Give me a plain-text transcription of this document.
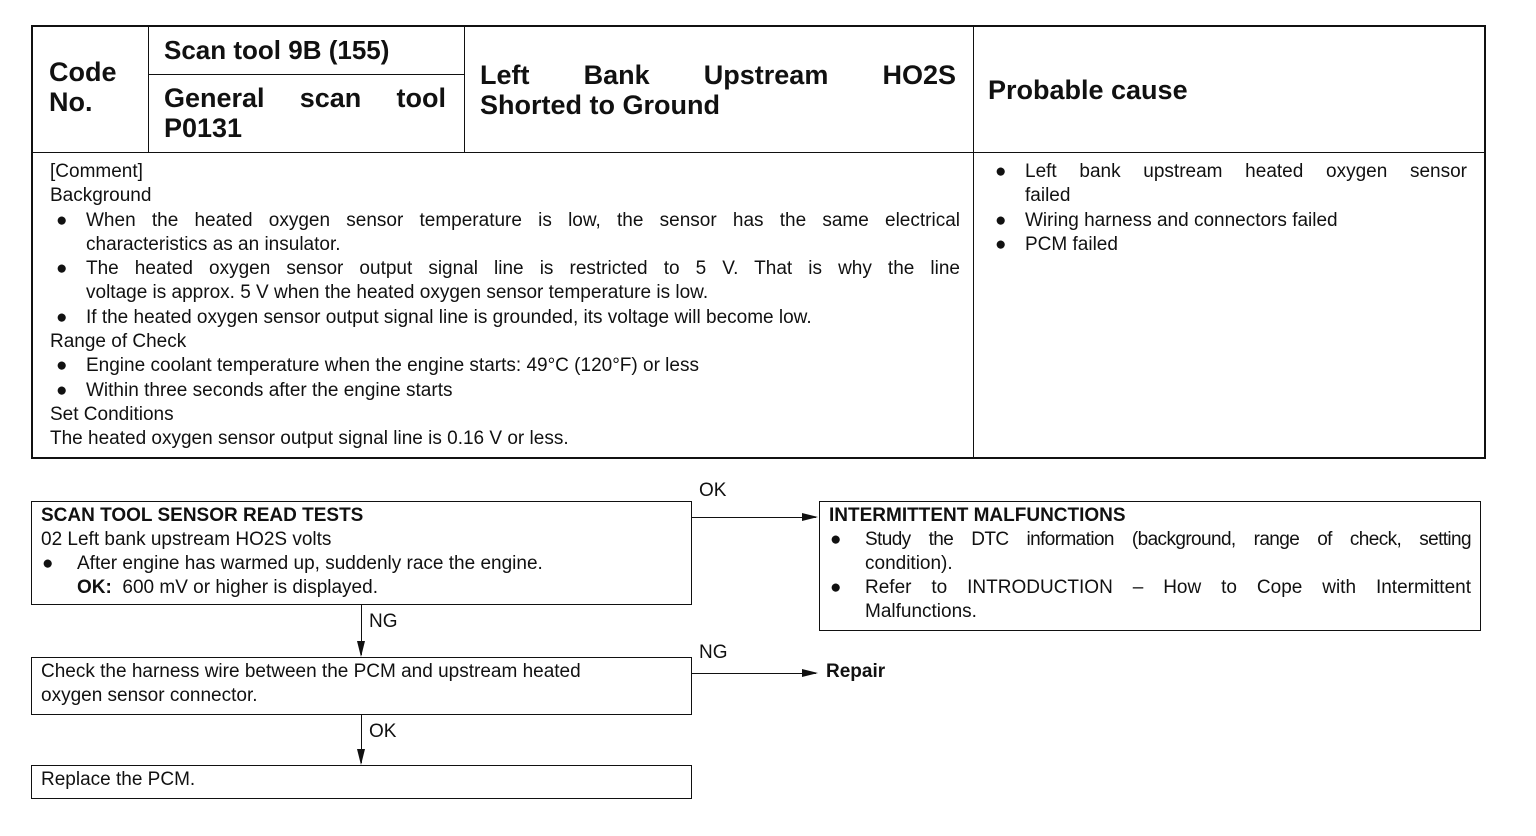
Code No.
Scan tool 9B (155)
General scan tool
P0131
Left Bank Upstream HO2S
Shorted to Ground	Probable cause
[Comment]
Background
● When the heated oxygen sensor temperature is low, the sensor has the same electrical
characteristics as an insulator.
● The heated oxygen sensor output signal line is restricted to 5 V. That is why the line
voltage is approx. 5 V when the heated oxygen sensor temperature is low.
● If the heated oxygen sensor output signal line is grounded, its voltage will become low.
Range of Check
● Engine coolant temperature when the engine starts: 49°C (120°F) or less
● Within three seconds after the engine starts
Set Conditions
The heated oxygen sensor output signal line is 0.16 V or less.
● Left bank upstream heated oxygen sensor
failed
● Wiring harness and connectors failed
● PCM failed
SCAN TOOL SENSOR READ TESTS
02 Left bank upstream HO2S volts
● After engine has warmed up, suddenly race the engine.
OK: 600 mV or higher is displayed.
OK
INTERMITTENT MALFUNCTIONS
● Study the DTC information (background, range of check, setting
condition).
● Refer to INTRODUCTION – How to Cope with Intermittent
Malfunctions.
NG
Check the harness wire between the PCM and upstream heated
oxygen sensor connector.
NG
Repair
OK
Replace the PCM.
